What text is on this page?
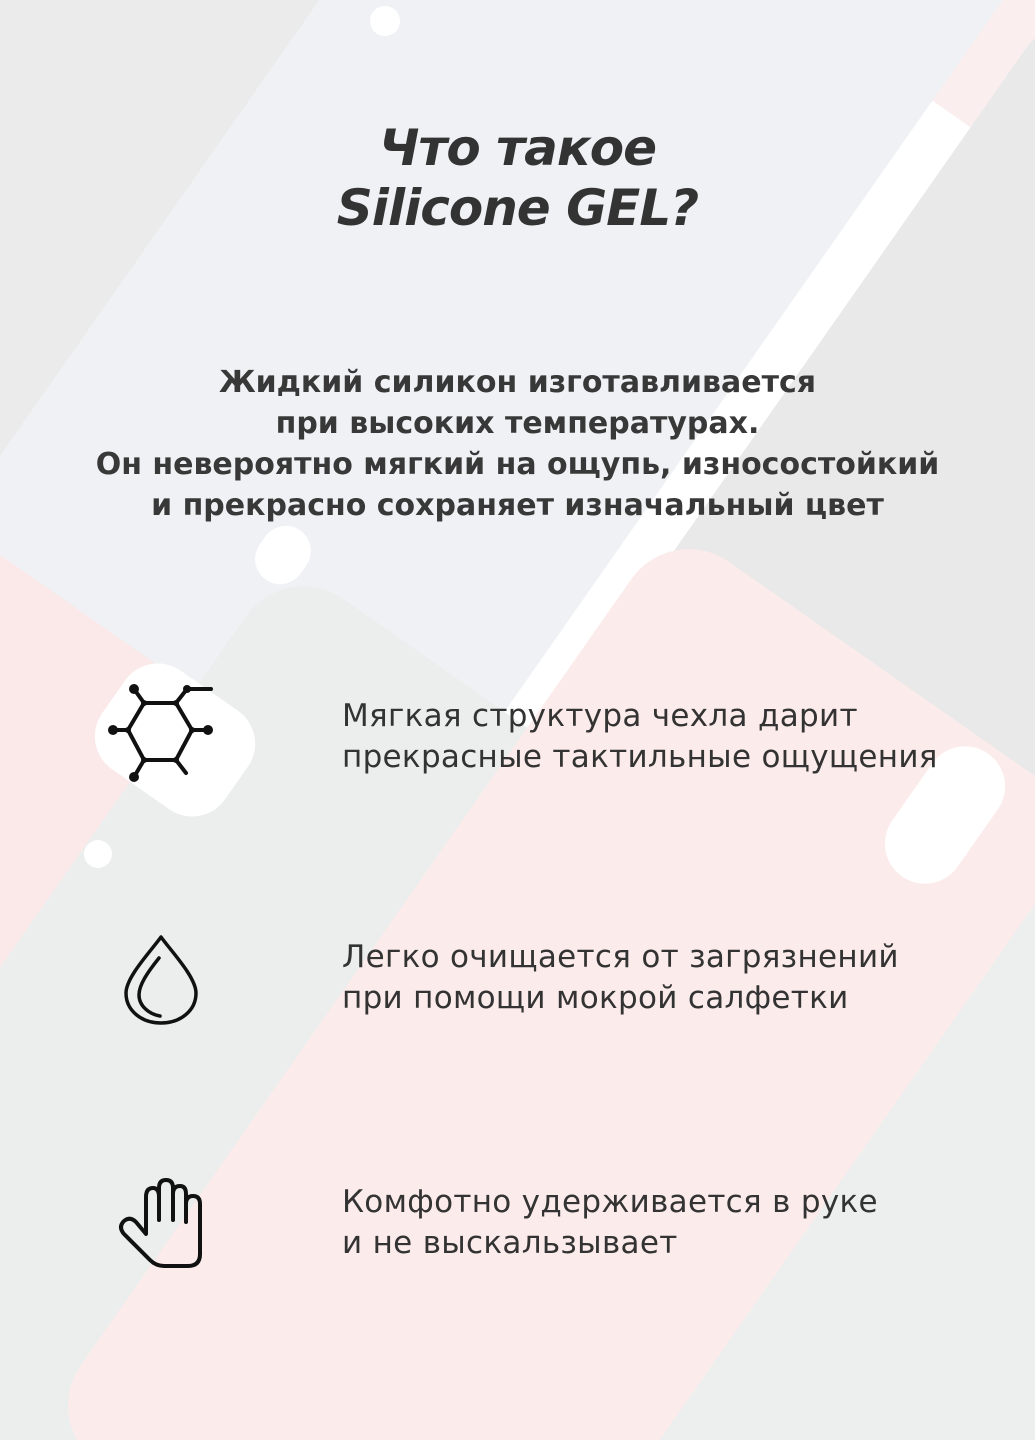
Что такое
Silicone GEL?
Жидкий силикон изготавливается
при высоких температурах.
Он невероятно мягкий на ощупь, износостойкий
и прекрасно сохраняет изначальный цвет
Мягкая структура чехла дарит
прекрасные тактильные ощущения
Легко очищается от загрязнений
при помощи мокрой салфетки
Комфотно удерживается в руке
и не выскальзывает
